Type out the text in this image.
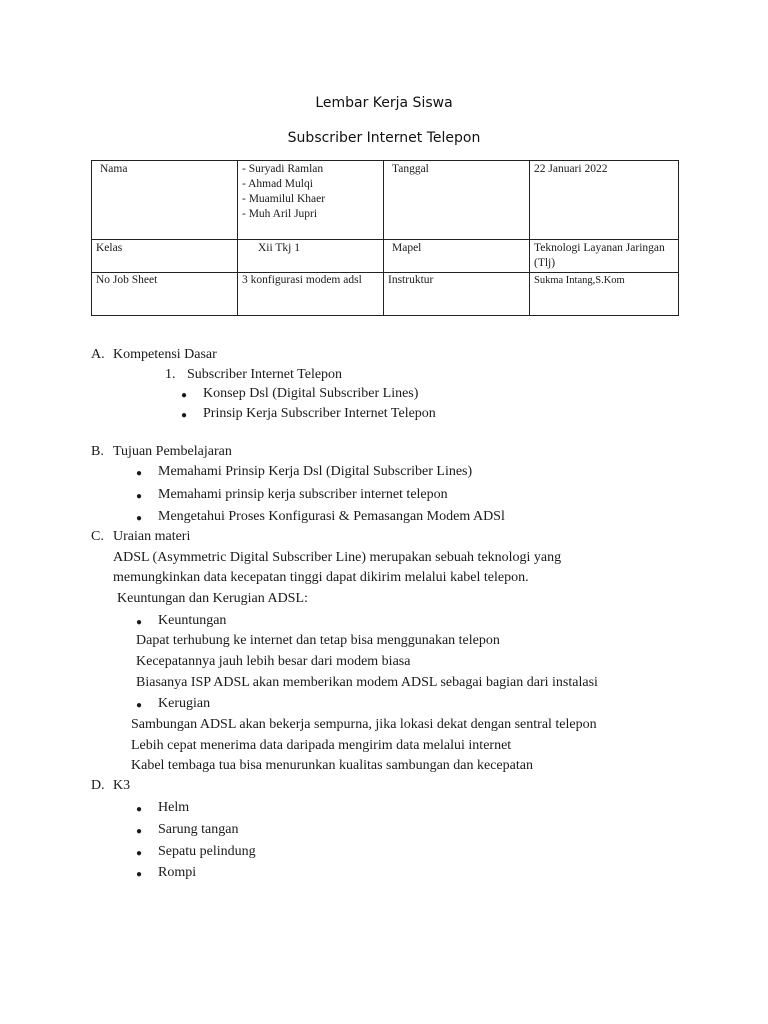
Lembar Kerja Siswa
Subscriber Internet Telepon
Nama	- Suryadi Ramlan
- Ahmad Mulqi
- Muamilul Khaer
- Muh Aril Jupri	Tanggal	22 Januari 2022
Kelas	Xii Tkj 1	Mapel	Teknologi Layanan Jaringan (Tlj)
No Job Sheet	3 konfigurasi modem adsl	Instruktur	Sukma Intang,S.Kom
A. Kompetensi Dasar
1. Subscriber Internet Telepon
● Konsep Dsl (Digital Subscriber Lines)
● Prinsip Kerja Subscriber Internet Telepon
B. Tujuan Pembelajaran
● Memahami Prinsip Kerja Dsl (Digital Subscriber Lines)
● Memahami prinsip kerja subscriber internet telepon
● Mengetahui Proses Konfigurasi & Pemasangan Modem ADSl
C. Uraian materi
ADSL (Asymmetric Digital Subscriber Line) merupakan sebuah teknologi yang
memungkinkan data kecepatan tinggi dapat dikirim melalui kabel telepon.
Keuntungan dan Kerugian ADSL:
● Keuntungan
Dapat terhubung ke internet dan tetap bisa menggunakan telepon
Kecepatannya jauh lebih besar dari modem biasa
Biasanya ISP ADSL akan memberikan modem ADSL sebagai bagian dari instalasi
● Kerugian
Sambungan ADSL akan bekerja sempurna, jika lokasi dekat dengan sentral telepon
Lebih cepat menerima data daripada mengirim data melalui internet
Kabel tembaga tua bisa menurunkan kualitas sambungan dan kecepatan
D. K3
● Helm
● Sarung tangan
● Sepatu pelindung
● Rompi
